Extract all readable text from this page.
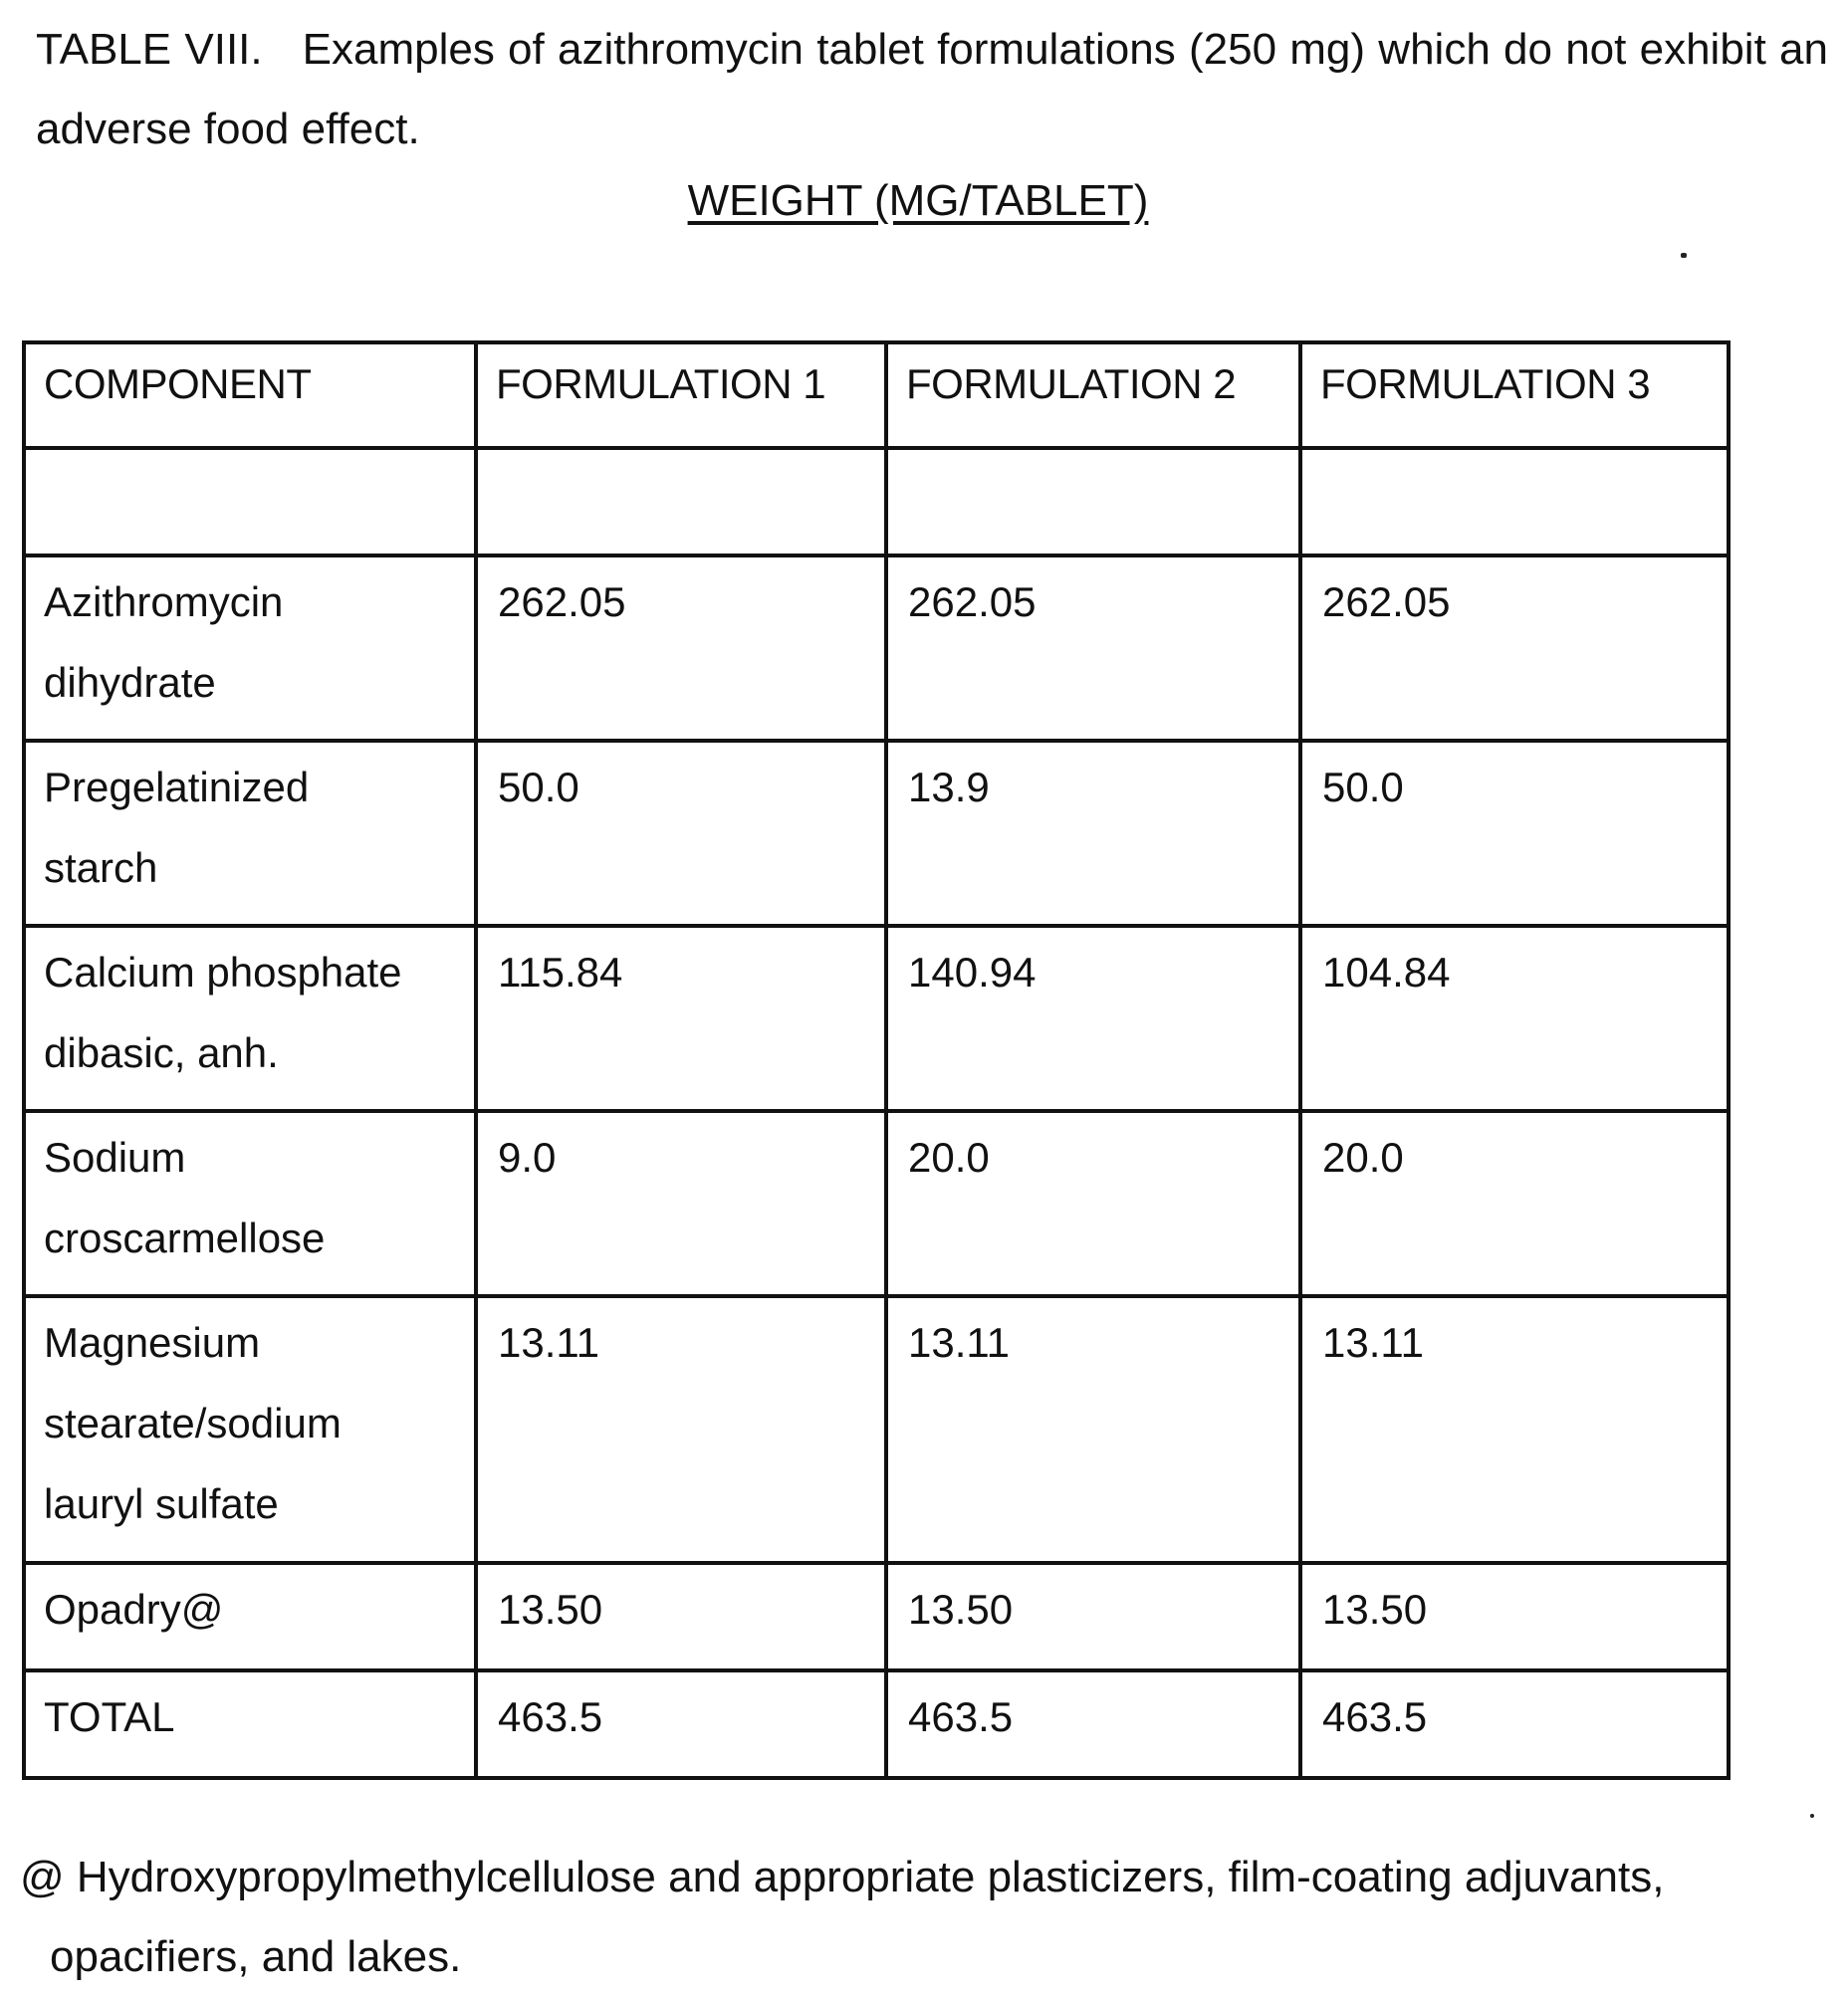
TABLE VIII. Examples of azithromycin tablet formulations (250 mg) which do not exhibit an adverse food effect.
WEIGHT (MG/TABLET)
COMPONENT	FORMULATION 1	FORMULATION 2	FORMULATION 3

Azithromycin
dihydrate	262.05	262.05	262.05
Pregelatinized
starch	50.0	13.9	50.0
Calcium phosphate
dibasic, anh.	115.84	140.94	104.84
Sodium
croscarmellose	9.0	20.0	20.0
Magnesium
stearate/sodium
lauryl sulfate	13.11	13.11	13.11
Opadry@	13.50	13.50	13.50
TOTAL	463.5	463.5	463.5
@ Hydroxypropylmethylcellulose and appropriate plasticizers, film-coating adjuvants,
opacifiers, and lakes.
